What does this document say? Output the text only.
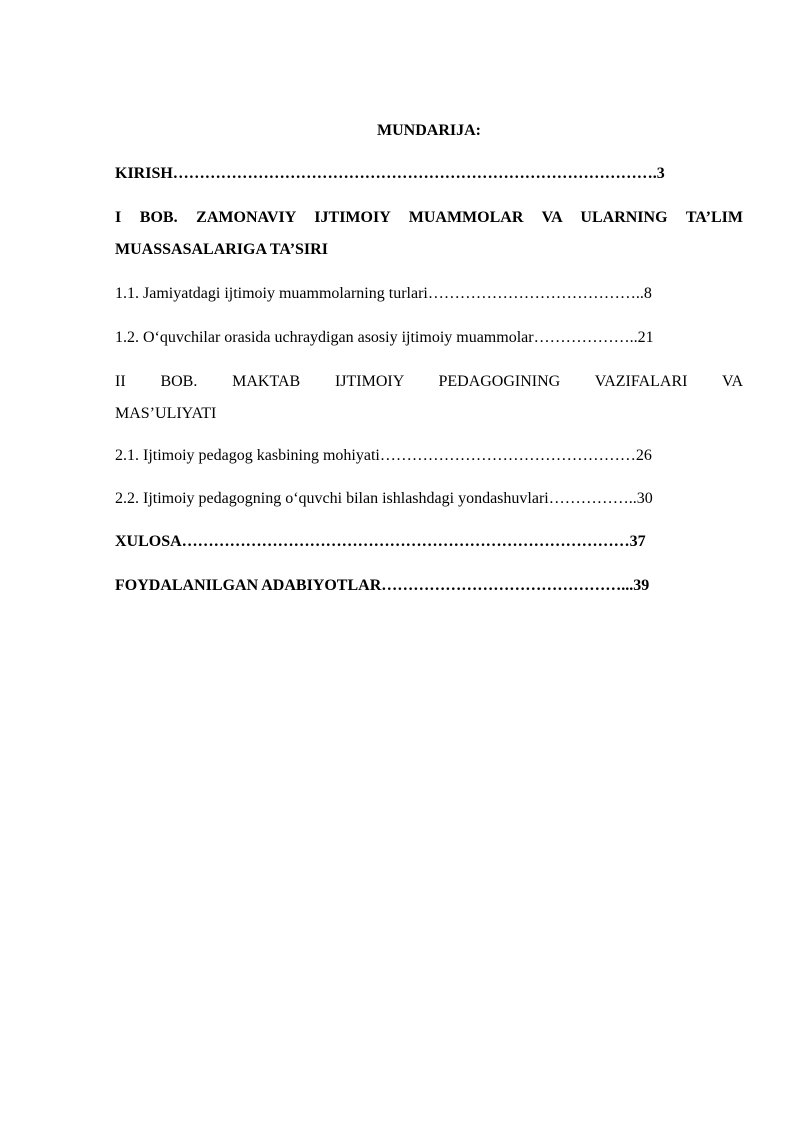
MUNDARIJA:
KIRISH……………………………………………………………………………….3
I BOB. ZAMONAVIY IJTIMOIY MUAMMOLAR VA ULARNING TA’LIM
MUASSASALARIGA TA’SIRI
1.1. Jamiyatdagi ijtimoiy muammolarning turlari…………………………………..8
1.2. O‘quvchilar orasida uchraydigan asosiy ijtimoiy muammolar………………..21
II BOB. MAKTAB IJTIMOIY PEDAGOGINING VAZIFALARI VA
MAS’ULIYATI
2.1. Ijtimoiy pedagog kasbining mohiyati…………………………………………26
2.2. Ijtimoiy pedagogning o‘quvchi bilan ishlashdagi yondashuvlari……………..30
XULOSA…………………………………………………………………………37
FOYDALANILGAN ADABIYOTLAR………………………………………...39
